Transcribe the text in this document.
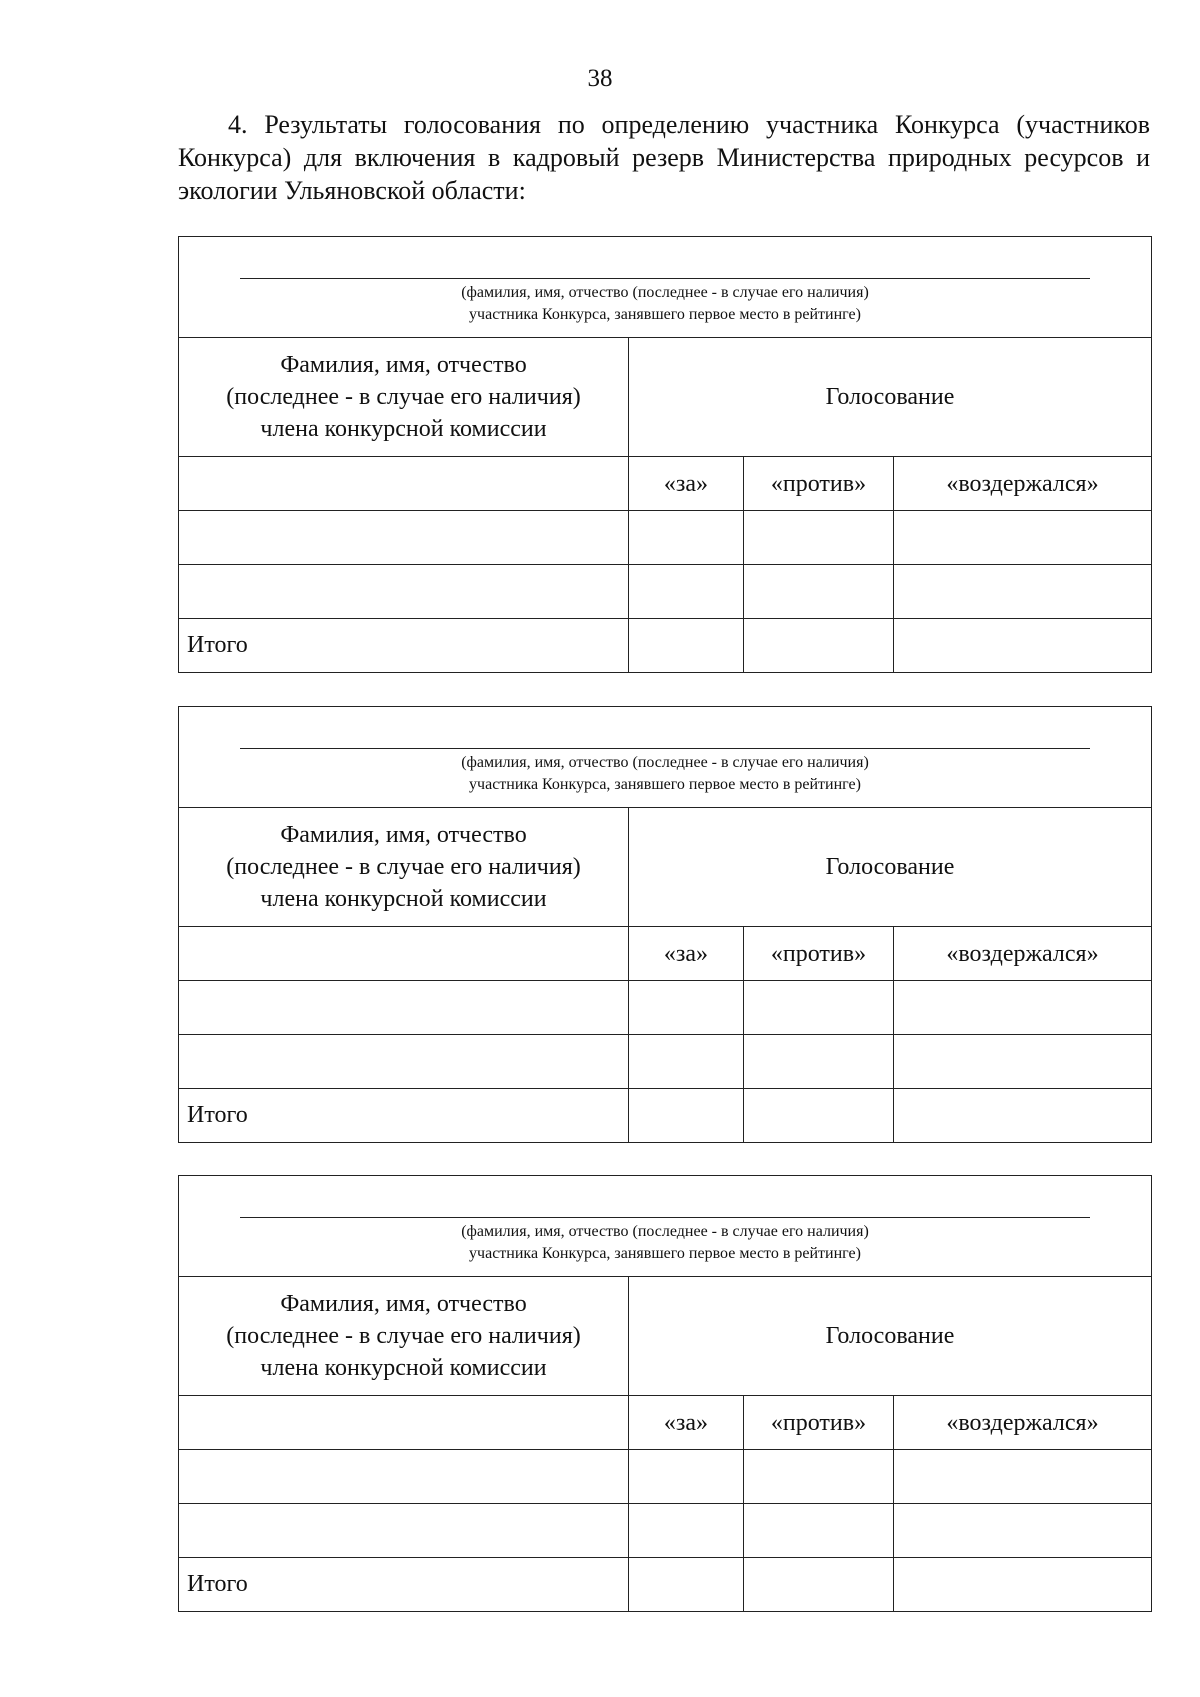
38

4. Результаты голосования по определению участника Конкурса (участников Конкурса) для включения в кадровый резерв Министерства природных ресурсов и экологии Ульяновской области:

(фамилия, имя, отчество (последнее - в случае его наличия)
участника Конкурса, занявшего первое место в рейтинге)			

Фамилия, имя, отчество
(последнее - в случае его наличия)
члена конкурсной комиссии	Голосование		
	«за»	«против»	«воздержался»

Итого			
(фамилия, имя, отчество (последнее - в случае его наличия)
участника Конкурса, занявшего первое место в рейтинге)			

Фамилия, имя, отчество
(последнее - в случае его наличия)
члена конкурсной комиссии	Голосование		
	«за»	«против»	«воздержался»

Итого			
(фамилия, имя, отчество (последнее - в случае его наличия)
участника Конкурса, занявшего первое место в рейтинге)			

Фамилия, имя, отчество
(последнее - в случае его наличия)
члена конкурсной комиссии	Голосование		
	«за»	«против»	«воздержался»

Итого			
